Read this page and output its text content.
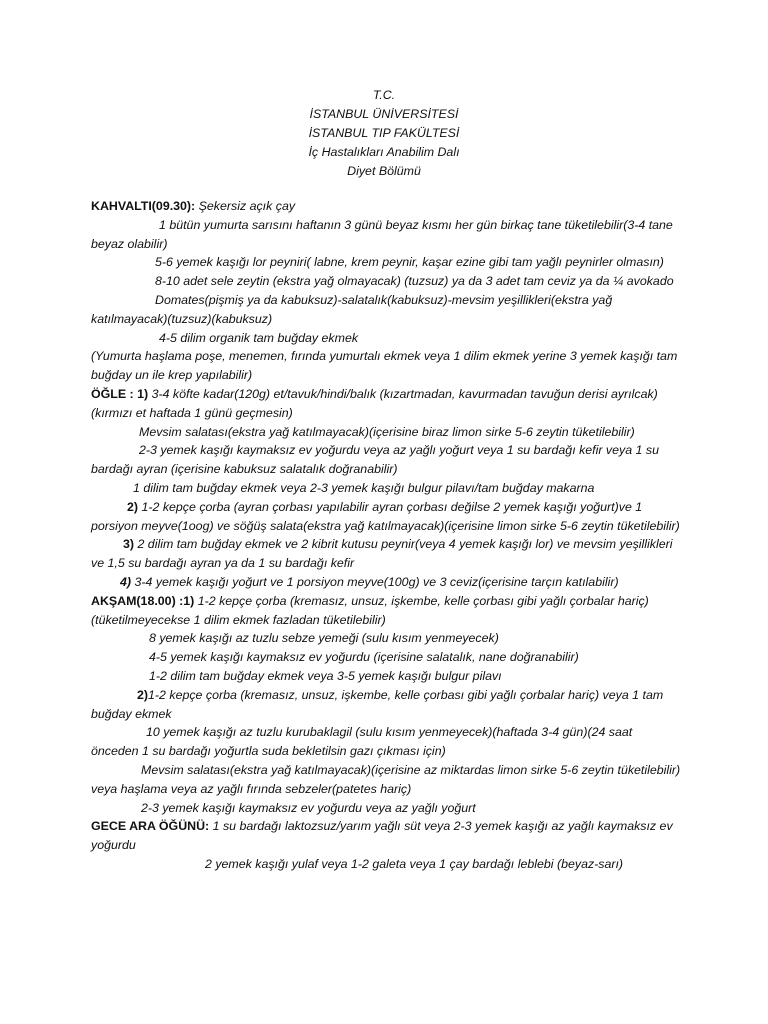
T.C.
İSTANBUL ÜNİVERSİTESİ
İSTANBUL TIP FAKÜLTESİ
İç Hastalıkları Anabilim Dalı
Diyet Bölümü
KAHVALTI(09.30): Şekersiz açık çay
1 bütün yumurta sarısını haftanın 3 günü beyaz kısmı her gün birkaç tane tüketilebilir(3-4 tane beyaz olabilir)
5-6 yemek kaşığı lor peyniri( labne, krem peynir, kaşar ezine gibi tam yağlı peynirler olmasın)
8-10 adet sele zeytin (ekstra yağ olmayacak) (tuzsuz) ya da 3 adet tam ceviz ya da ¼ avokado
Domates(pişmiş ya da kabuksuz)-salatalık(kabuksuz)-mevsim yeşillikleri(ekstra yağ katılmayacak)(tuzsuz)(kabuksuz)
4-5 dilim organik tam buğday ekmek
(Yumurta haşlama poşe, menemen, fırında yumurtalı ekmek veya 1 dilim ekmek yerine 3 yemek kaşığı tam buğday un ile krep yapılabilir)
ÖĞLE : 1) 3-4 köfte kadar(120g) et/tavuk/hindi/balık (kızartmadan, kavurmadan tavuğun derisi ayrılcak)(kırmızı et haftada 1 günü geçmesin)
Mevsim salatası(ekstra yağ katılmayacak)(içerisine biraz limon sirke 5-6 zeytin tüketilebilir)
2-3 yemek kaşığı kaymaksız ev yoğurdu veya az yağlı yoğurt veya 1 su bardağı kefir veya 1 su bardağı ayran (içerisine kabuksuz salatalık doğranabilir)
1 dilim tam buğday ekmek veya 2-3 yemek kaşığı bulgur pilavı/tam buğday makarna
2) 1-2 kepçe çorba (ayran çorbası yapılabilir ayran çorbası değilse 2 yemek kaşığı yoğurt)ve 1 porsiyon meyve(1oog) ve söğüş salata(ekstra yağ katılmayacak)(içerisine limon sirke 5-6 zeytin tüketilebilir)
3) 2 dilim tam buğday ekmek ve 2 kibrit kutusu peynir(veya 4 yemek kaşığı lor) ve mevsim yeşillikleri ve 1,5 su bardağı ayran ya da 1 su bardağı kefir
4) 3-4 yemek kaşığı yoğurt ve 1 porsiyon meyve(100g) ve 3 ceviz(içerisine tarçın katılabilir)
AKŞAM(18.00) :1) 1-2 kepçe çorba (kremasız, unsuz, işkembe, kelle çorbası gibi yağlı çorbalar hariç)(tüketilmeyecekse 1 dilim ekmek fazladan tüketilebilir)
8 yemek kaşığı az tuzlu sebze yemeği (sulu kısım yenmeyecek)
4-5 yemek kaşığı kaymaksız ev yoğurdu (içerisine salatalık, nane doğranabilir)
1-2 dilim tam buğday ekmek veya 3-5 yemek kaşığı bulgur pilavı
2)1-2 kepçe çorba (kremasız, unsuz, işkembe, kelle çorbası gibi yağlı çorbalar hariç) veya 1 tam buğday ekmek
10 yemek kaşığı az tuzlu kurubaklagil (sulu kısım yenmeyecek)(haftada 3-4 gün)(24 saat önceden 1 su bardağı yoğurtla suda bekletilsin gazı çıkması için)
Mevsim salatası(ekstra yağ katılmayacak)(içerisine az miktardas limon sirke 5-6 zeytin tüketilebilir) veya haşlama veya az yağlı fırında sebzeler(patetes hariç)
2-3 yemek kaşığı kaymaksız ev yoğurdu veya az yağlı yoğurt
GECE ARA ÖĞÜNÜ: 1 su bardağı laktozsuz/yarım yağlı süt veya 2-3 yemek kaşığı az yağlı kaymaksız ev yoğurdu
2 yemek kaşığı yulaf veya 1-2 galeta veya 1 çay bardağı leblebi (beyaz-sarı)
